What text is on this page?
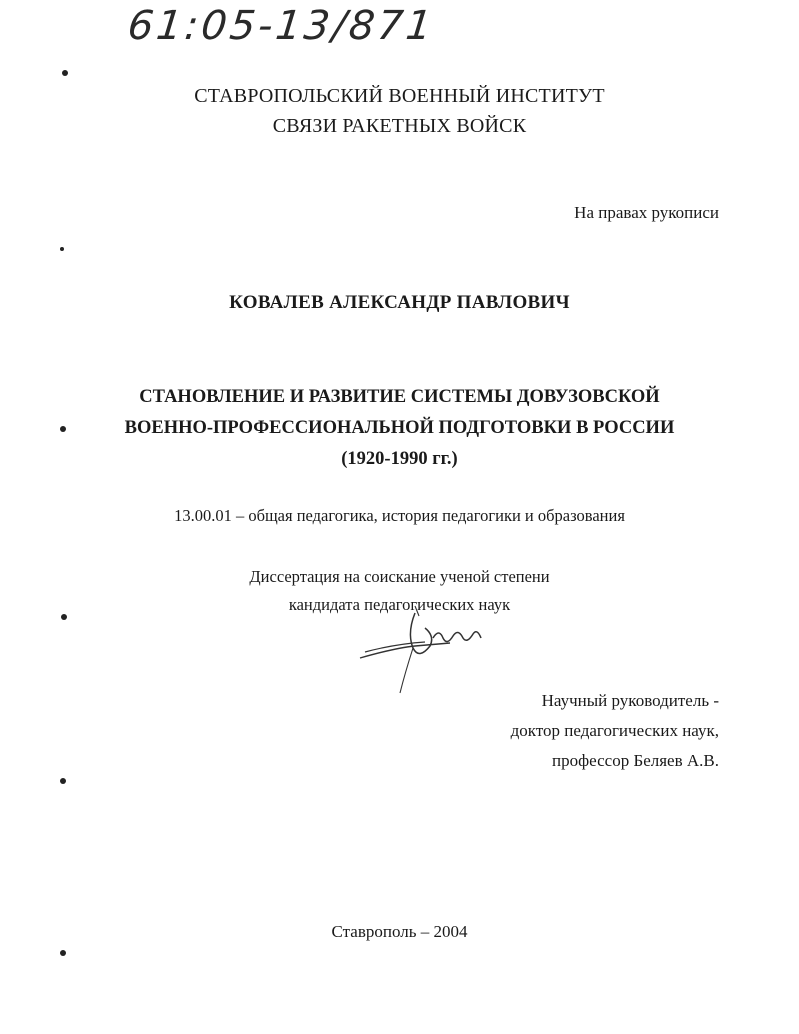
61:05-13/871
СТАВРОПОЛЬСКИЙ ВОЕННЫЙ ИНСТИТУТ
СВЯЗИ РАКЕТНЫХ ВОЙСК
На правах рукописи
КОВАЛЕВ АЛЕКСАНДР ПАВЛОВИЧ
СТАНОВЛЕНИЕ И РАЗВИТИЕ СИСТЕМЫ ДОВУЗОВСКОЙ
ВОЕННО-ПРОФЕССИОНАЛЬНОЙ ПОДГОТОВКИ В РОССИИ
(1920-1990 гг.)
13.00.01 – общая педагогика, история педагогики и образования
Диссертация на соискание ученой степени
кандидата педагогических наук
Научный руководитель -
доктор педагогических наук,
профессор Беляев А.В.
Ставрополь – 2004
